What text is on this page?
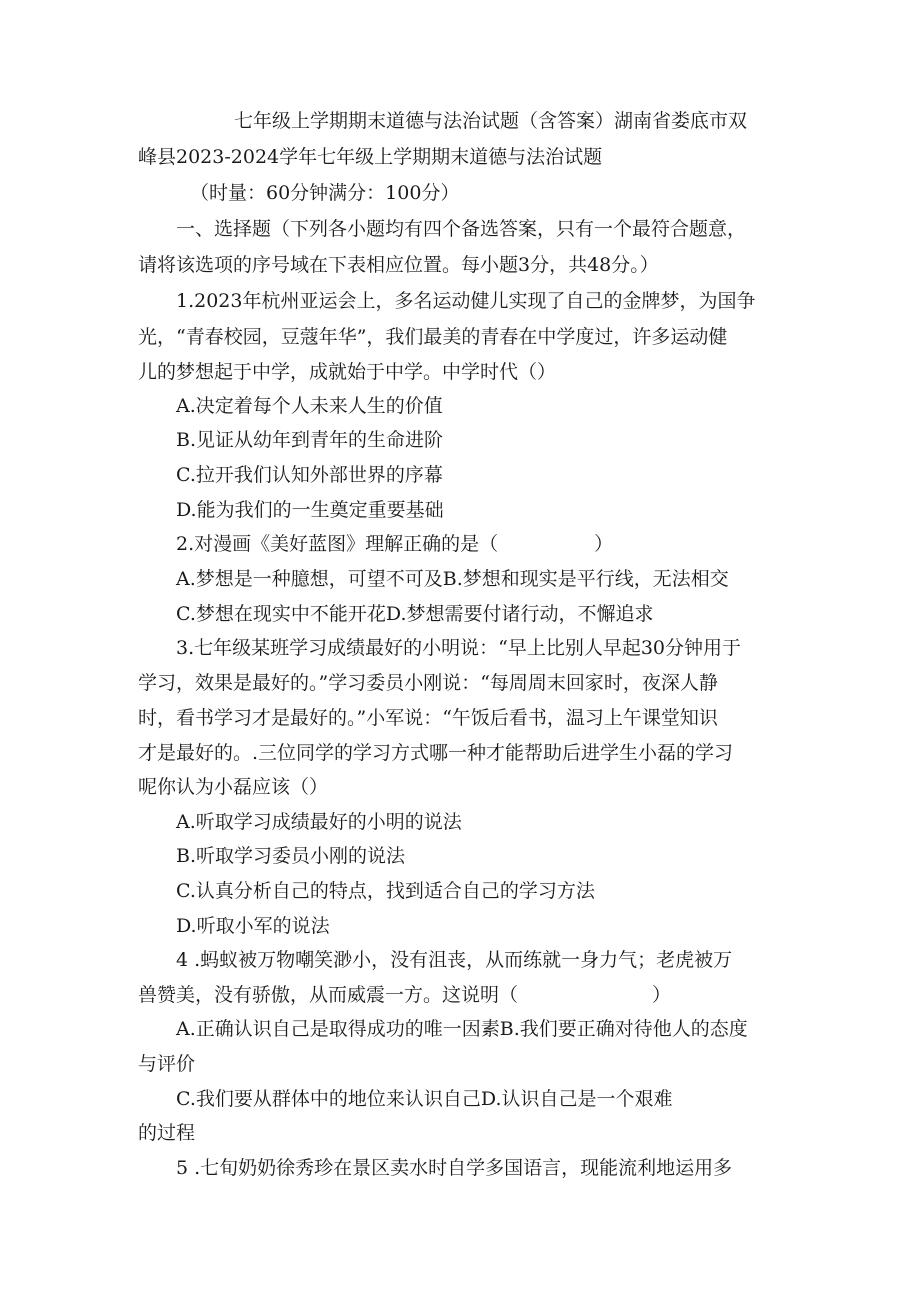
七年级上学期期末道德与法治试题（含答案）湖南省娄底市双
峰县2023-2024学年七年级上学期期末道德与法治试题
（时量：60分钟满分：100分）
一、选择题（下列各小题均有四个备选答案，只有一个最符合题意，
请将该选项的序号域在下表相应位置。每小题3分，共48分。）
1.2023年杭州亚运会上，多名运动健儿实现了自己的金牌梦，为国争
光，“青春校园，豆蔻年华”，我们最美的青春在中学度过，许多运动健
儿的梦想起于中学，成就始于中学。中学时代（）
A.决定着每个人未来人生的价值
B.见证从幼年到青年的生命进阶
C.拉开我们认知外部世界的序幕
D.能为我们的一生奠定重要基础
2.对漫画《美好蓝图》理解正确的是（	）
A.梦想是一种臆想，可望不可及B.梦想和现实是平行线，无法相交
C.梦想在现实中不能开花D.梦想需要付诸行动，不懈追求
3.七年级某班学习成绩最好的小明说：“早上比别人早起30分钟用于
学习，效果是最好的。”学习委员小刚说：“每周周末回家时，夜深人静
时，看书学习才是最好的。”小军说：“午饭后看书，温习上午课堂知识
才是最好的。.三位同学的学习方式哪一种才能帮助后进学生小磊的学习
呢你认为小磊应该（）
A.听取学习成绩最好的小明的说法
B.听取学习委员小刚的说法
C.认真分析自己的特点，找到适合自己的学习方法
D.听取小军的说法
4 .蚂蚁被万物嘲笑渺小，没有沮丧，从而练就一身力气；老虎被万
兽赞美，没有骄傲，从而威震一方。这说明（	）
A.正确认识自己是取得成功的唯一因素B.我们要正确对待他人的态度
与评价
C.我们要从群体中的地位来认识自己D.认识自己是一个艰难
的过程
5 .七旬奶奶徐秀珍在景区卖水时自学多国语言，现能流利地运用多
